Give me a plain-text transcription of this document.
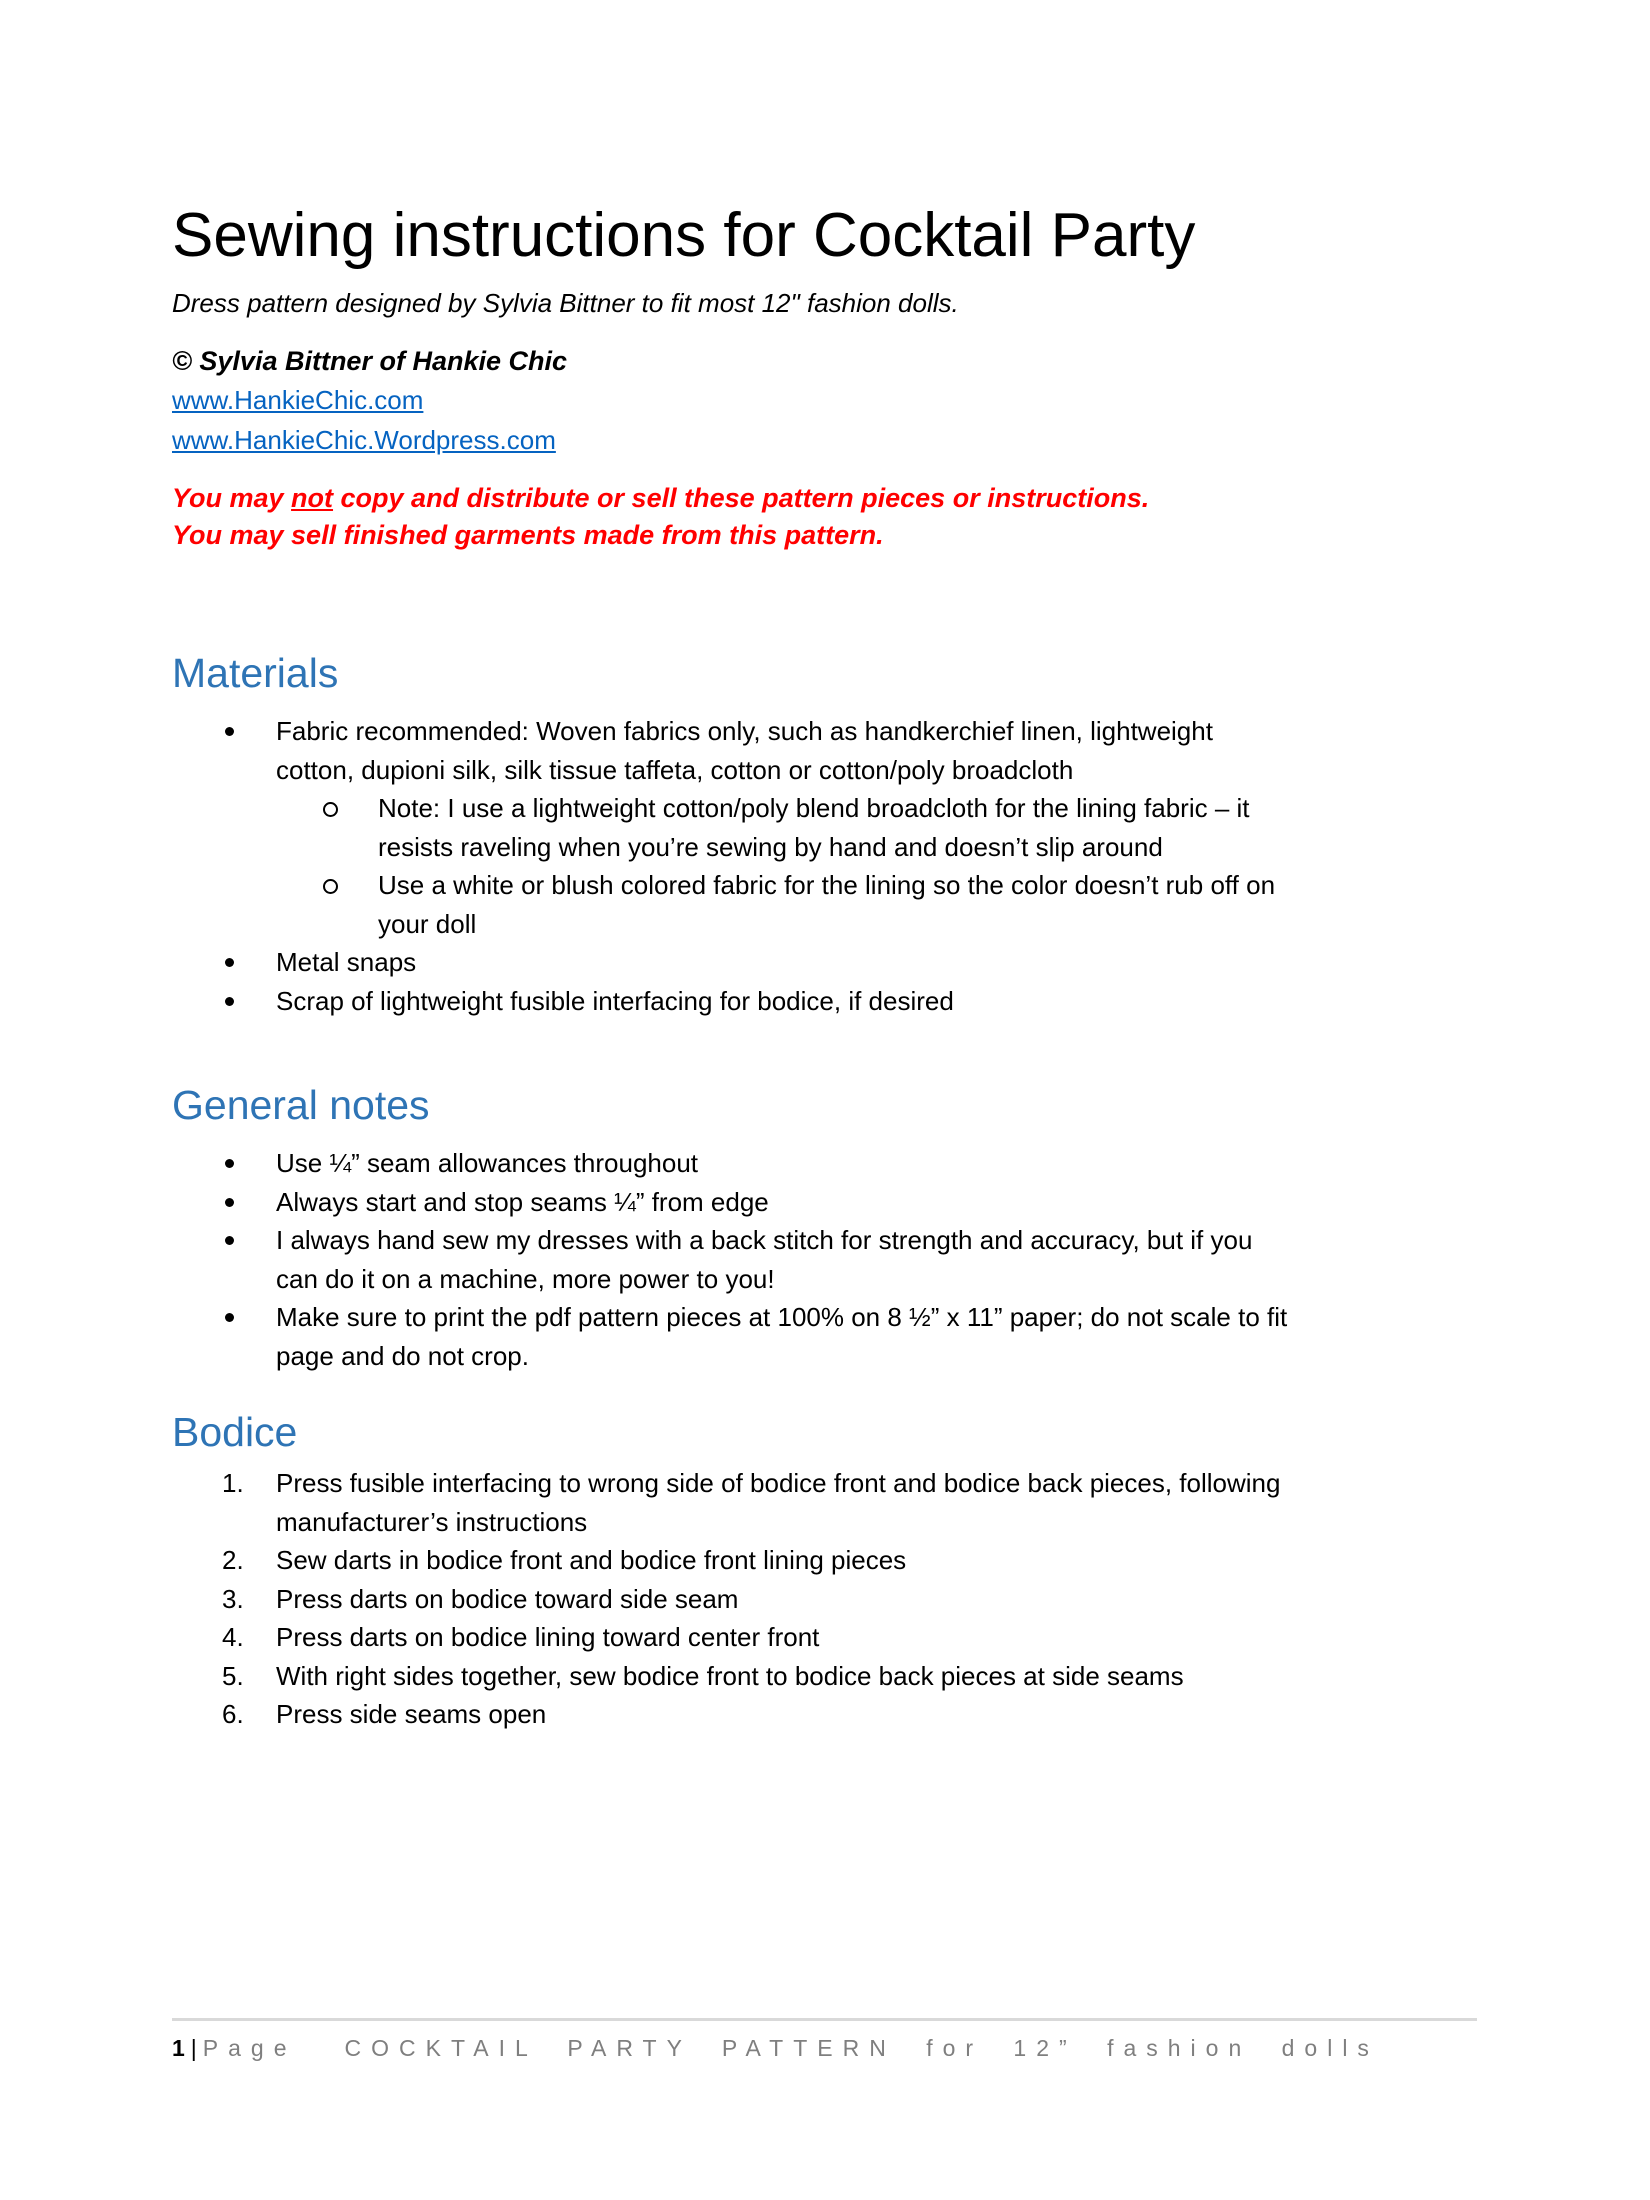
Sewing instructions for Cocktail Party

Dress pattern designed by Sylvia Bittner to fit most 12" fashion dolls.

© Sylvia Bittner of Hankie Chic

www.HankieChic.com

www.HankieChic.Wordpress.com

You may not copy and distribute or sell these pattern pieces or instructions.
You may sell finished garments made from this pattern.

Materials
Fabric recommended: Woven fabrics only, such as handkerchief linen, lightweight
cotton, dupioni silk, silk tissue taffeta, cotton or cotton/poly broadcloth
Note: I use a lightweight cotton/poly blend broadcloth for the lining fabric – it
resists raveling when you’re sewing by hand and doesn’t slip around
Use a white or blush colored fabric for the lining so the color doesn’t rub off on
your doll
Metal snaps
Scrap of lightweight fusible interfacing for bodice, if desired
General notes
Use ¼” seam allowances throughout
Always start and stop seams ¼” from edge
I always hand sew my dresses with a back stitch for strength and accuracy, but if you
can do it on a machine, more power to you!
Make sure to print the pdf pattern pieces at 100% on 8 ½” x 11” paper; do not scale to fit
page and do not crop.
Bodice
Press fusible interfacing to wrong side of bodice front and bodice back pieces, following
manufacturer’s instructions
Sew darts in bodice front and bodice front lining pieces
Press darts on bodice toward side seam
Press darts on bodice lining toward center front
With right sides together, sew bodice front to bodice back pieces at side seams
Press side seams open
1|Page COCKTAIL PARTY PATTERN for 12” fashion dolls
